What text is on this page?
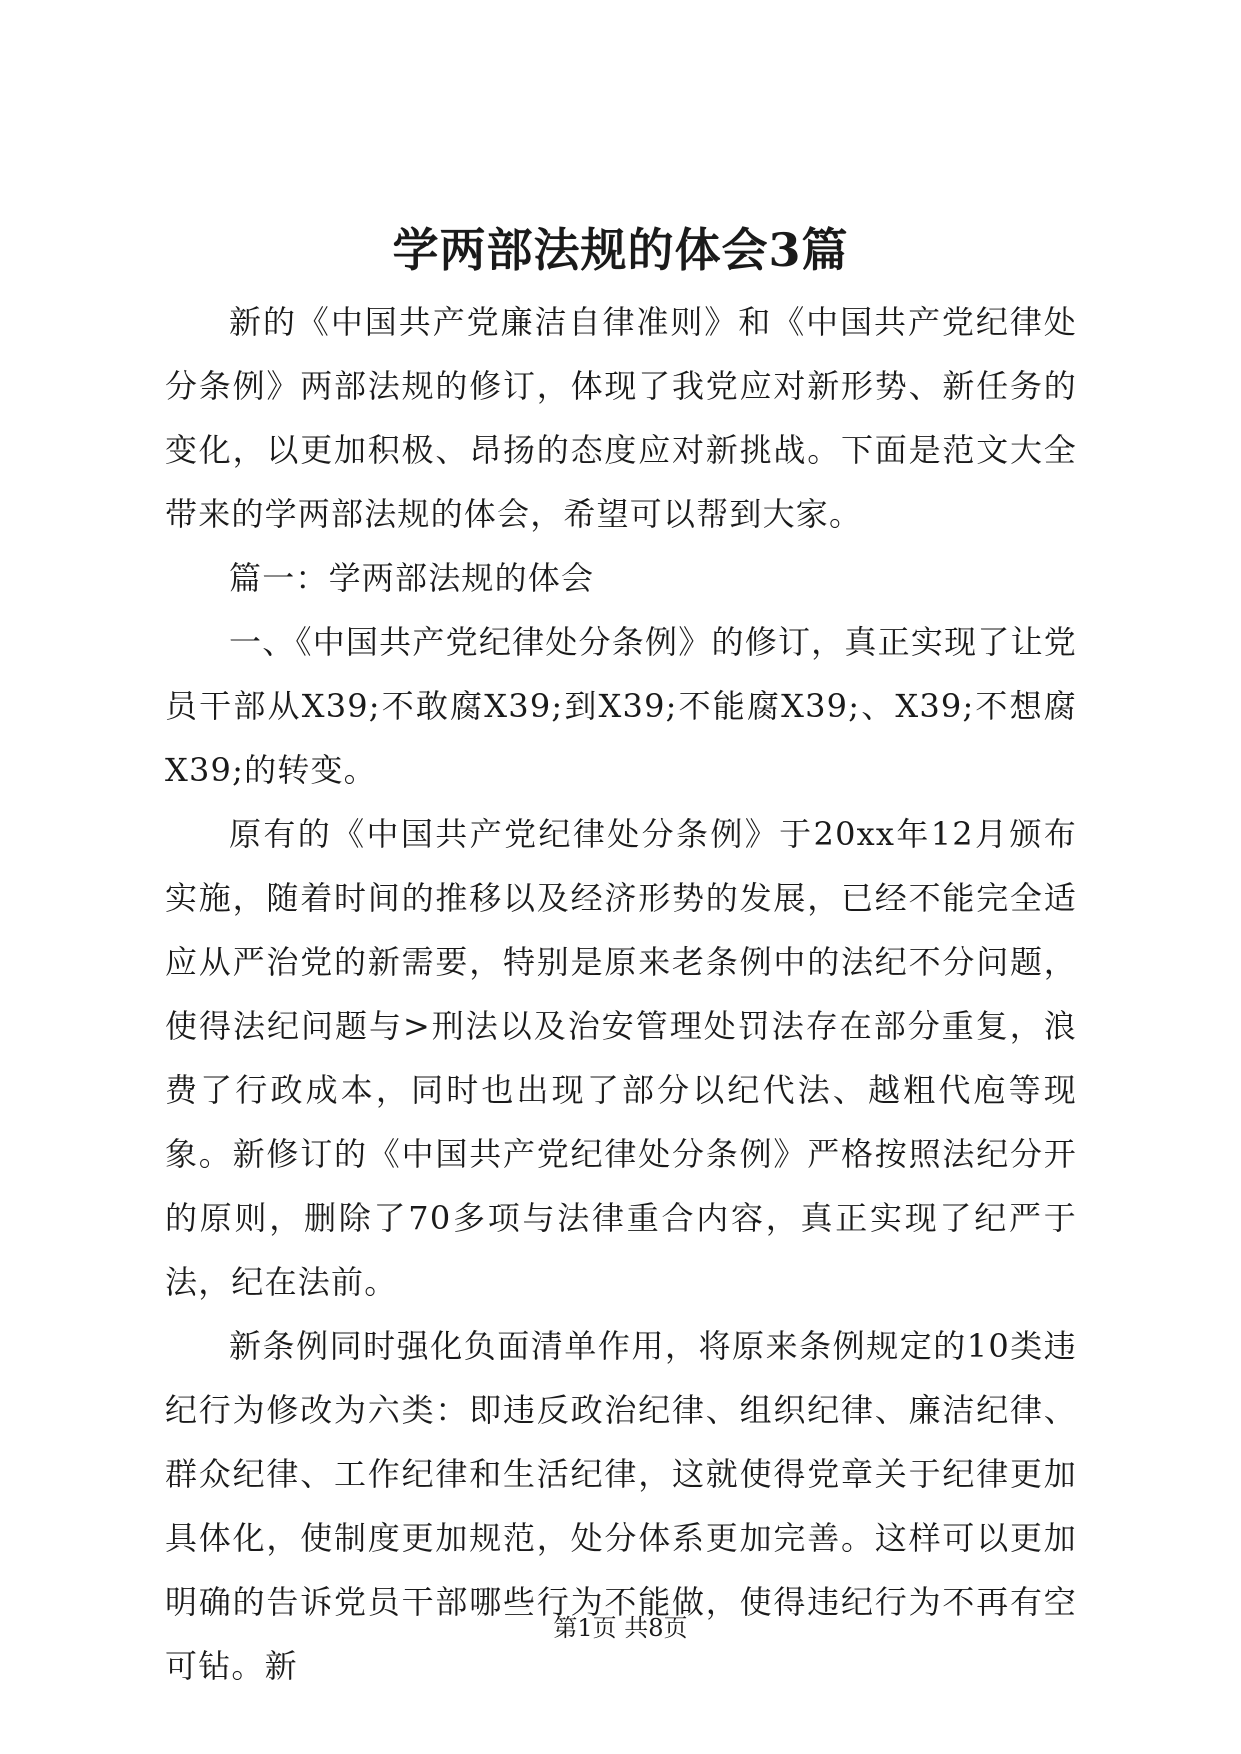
学两部法规的体会3篇

新的《中国共产党廉洁自律准则》和《中国共产党纪律处分条例》两部法规的修订，体现了我党应对新形势、新任务的变化，以更加积极、昂扬的态度应对新挑战。下面是范文大全带来的学两部法规的体会，希望可以帮到大家。

篇一：学两部法规的体会

一、《中国共产党纪律处分条例》的修订，真正实现了让党员干部从X39;不敢腐X39;到X39;不能腐X39;、X39;不想腐X39;的转变。

原有的《中国共产党纪律处分条例》于20xx年12月颁布实施，随着时间的推移以及经济形势的发展，已经不能完全适应从严治党的新需要，特别是原来老条例中的法纪不分问题，使得法纪问题与>刑法以及治安管理处罚法存在部分重复，浪费了行政成本，同时也出现了部分以纪代法、越粗代庖等现象。新修订的《中国共产党纪律处分条例》严格按照法纪分开的原则，删除了70多项与法律重合内容，真正实现了纪严于法，纪在法前。

新条例同时强化负面清单作用，将原来条例规定的10类违纪行为修改为六类：即违反政治纪律、组织纪律、廉洁纪律、群众纪律、工作纪律和生活纪律，这就使得党章关于纪律更加具体化，使制度更加规范，处分体系更加完善。这样可以更加明确的告诉党员干部哪些行为不能做，使得违纪行为不再有空可钻。新

第1页 共8页
